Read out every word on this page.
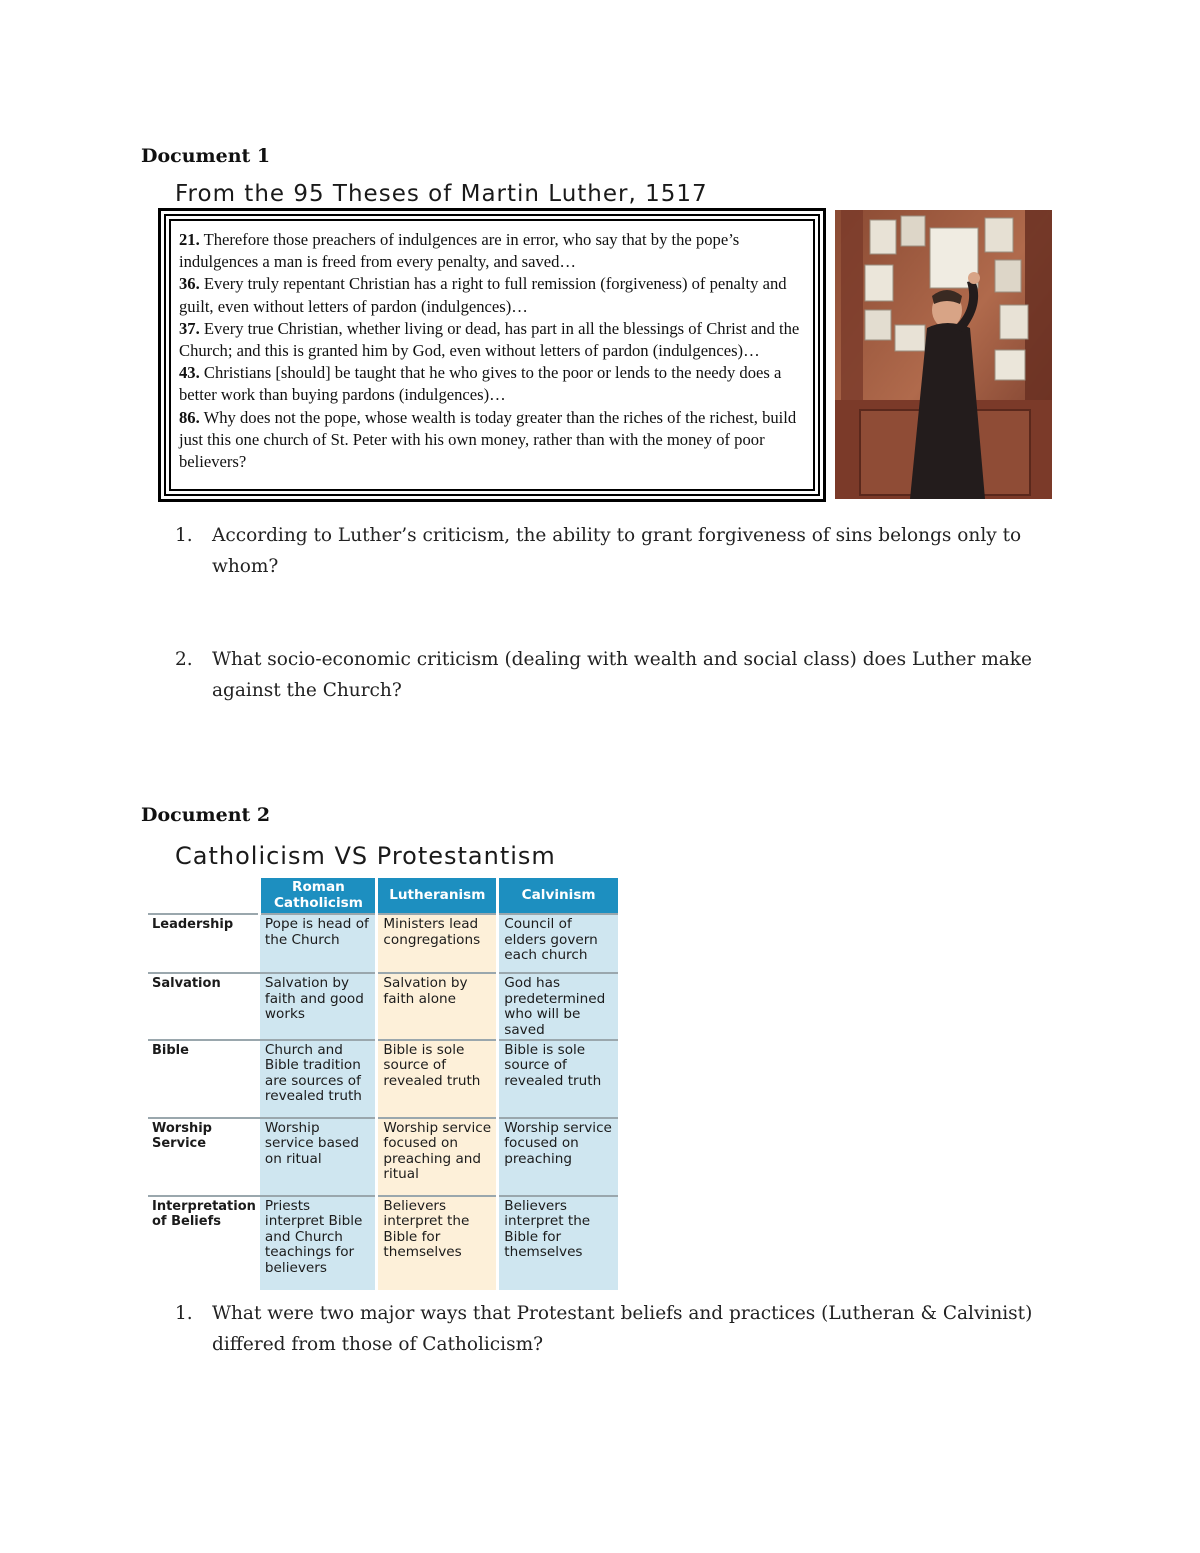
Document 1
From the 95 Theses of Martin Luther, 1517

21. Therefore those preachers of indulgences are in error, who say that by the pope’s indulgences a man is freed from every penalty, and saved…

36. Every truly repentant Christian has a right to full remission (forgiveness) of penalty and guilt, even without letters of pardon (indulgences)…

37. Every true Christian, whether living or dead, has part in all the blessings of Christ and the Church; and this is granted him by God, even without letters of pardon (indulgences)…

43. Christians [should] be taught that he who gives to the poor or lends to the needy does a better work than buying pardons (indulgences)…

86. Why does not the pope, whose wealth is today greater than the riches of the richest, build just this one church of St. Peter with his own money, rather than with the money of poor believers?

1. According to Luther’s criticism, the ability to grant forgiveness of sins belongs only to whom?
2. What socio-economic criticism (dealing with wealth and social class) does Luther make against the Church?
Document 2
Catholicism VS Protestantism
	Roman Catholicism	Lutheranism	Calvinism
Leadership	Pope is head of the Church	Ministers lead congregations	Council of elders govern each church
Salvation	Salvation by faith and good works	Salvation by faith alone	God has predetermined who will be saved
Bible	Church and Bible tradition are sources of revealed truth	Bible is sole source of revealed truth	Bible is sole source of revealed truth
Worship Service	Worship service based on ritual	Worship service focused on preaching and ritual	Worship service focused on preaching
Interpretation of Beliefs	Priests interpret Bible and Church teachings for believers	Believers interpret the Bible for themselves	Believers interpret the Bible for themselves
1. What were two major ways that Protestant beliefs and practices (Lutheran & Calvinist) differed from those of Catholicism?
